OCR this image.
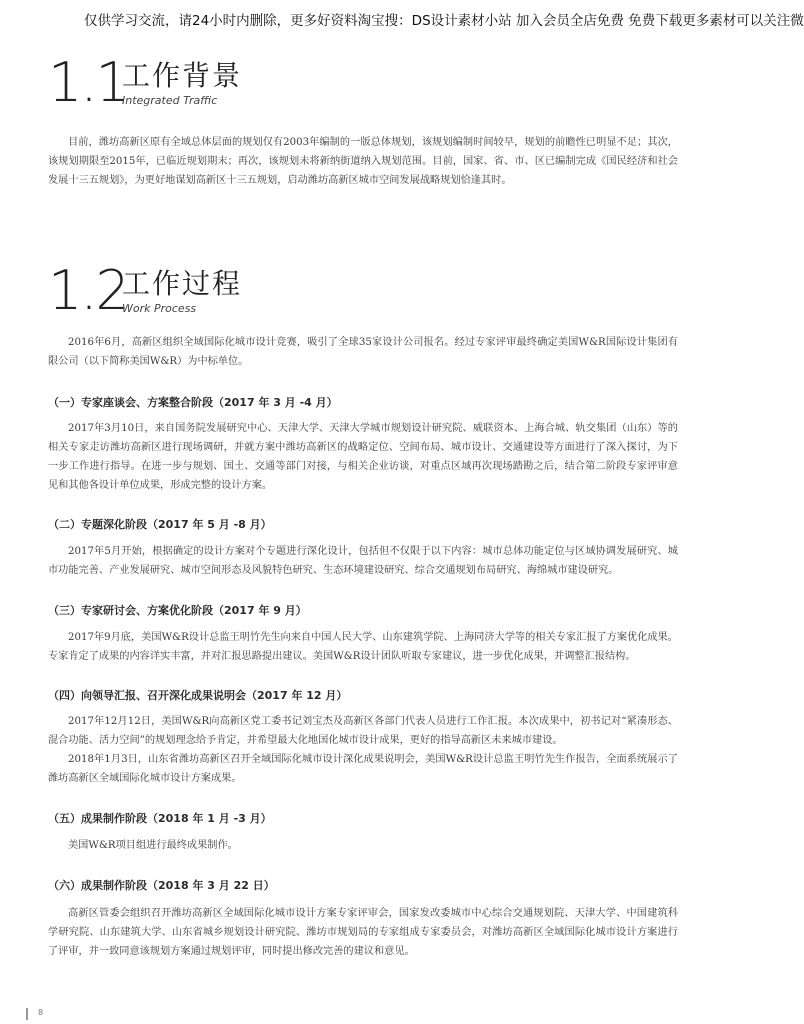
仅供学习交流，请24小时内删除，更多好资料淘宝搜：DS设计素材小站 加入会员全店免费 免费下载更多素材可以关注微
1.1
工作背景
Integrated Traffic
目前，潍坊高新区原有全域总体层面的规划仅有2003年编制的一版总体规划，该规划编制时间较早，规划的前瞻性已明显不足；其次，该规划期限至2015年，已临近规划期末；再次，该规划未将新纳街道纳入规划范围。目前，国家、省、市、区已编制完成《国民经济和社会发展十三五规划》，为更好地谋划高新区十三五规划，启动潍坊高新区城市空间发展战略规划恰逢其时。
1.2
工作过程
Work Process
2016年6月，高新区组织全域国际化城市设计竞赛，吸引了全球35家设计公司报名。经过专家评审最终确定美国W&R国际设计集团有限公司（以下简称美国W&R）为中标单位。
（一）专家座谈会、方案整合阶段（2017 年 3 月 -4 月）
2017年3月10日，来自国务院发展研究中心、天津大学、天津大学城市规划设计研究院、威联资本、上海合城、轨交集团（山东）等的相关专家走访潍坊高新区进行现场调研，并就方案中潍坊高新区的战略定位、空间布局、城市设计、交通建设等方面进行了深入探讨，为下一步工作进行指导。在进一步与规划、国土、交通等部门对接，与相关企业访谈，对重点区域再次现场踏勘之后，结合第二阶段专家评审意见和其他各设计单位成果，形成完整的设计方案。
（二）专题深化阶段（2017 年 5 月 -8 月）
2017年5月开始，根据确定的设计方案对个专题进行深化设计，包括但不仅限于以下内容：城市总体功能定位与区域协调发展研究、城市功能完善、产业发展研究、城市空间形态及风貌特色研究、生态环境建设研究、综合交通规划布局研究、海绵城市建设研究。
（三）专家研讨会、方案优化阶段（2017 年 9 月）
2017年9月底，美国W&R设计总监王明竹先生向来自中国人民大学、山东建筑学院、上海同济大学等的相关专家汇报了方案优化成果。专家肯定了成果的内容详实丰富，并对汇报思路提出建议。美国W&R设计团队听取专家建议，进一步优化成果，并调整汇报结构。
（四）向领导汇报、召开深化成果说明会（2017 年 12 月）
2017年12月12日，美国W&R向高新区党工委书记刘宝杰及高新区各部门代表人员进行工作汇报。本次成果中，初书记对“紧凑形态、混合功能、活力空间”的规划理念给予肯定，并希望最大化地国化城市设计成果，更好的指导高新区未来城市建设。
2018年1月3日，山东省潍坊高新区召开全域国际化城市设计深化成果说明会，美国W&R设计总监王明竹先生作报告，全面系统展示了潍坊高新区全域国际化城市设计方案成果。
（五）成果制作阶段（2018 年 1 月 -3 月）
美国W&R项目组进行最终成果制作。
（六）成果制作阶段（2018 年 3 月 22 日）
高新区管委会组织召开潍坊高新区全域国际化城市设计方案专家评审会，国家发改委城市中心综合交通规划院、天津大学、中国建筑科学研究院、山东建筑大学、山东省城乡规划设计研究院、潍坊市规划局的专家组成专家委员会，对潍坊高新区全域国际化城市设计方案进行了评审，并一致同意该规划方案通过规划评审，同时提出修改完善的建议和意见。
8
